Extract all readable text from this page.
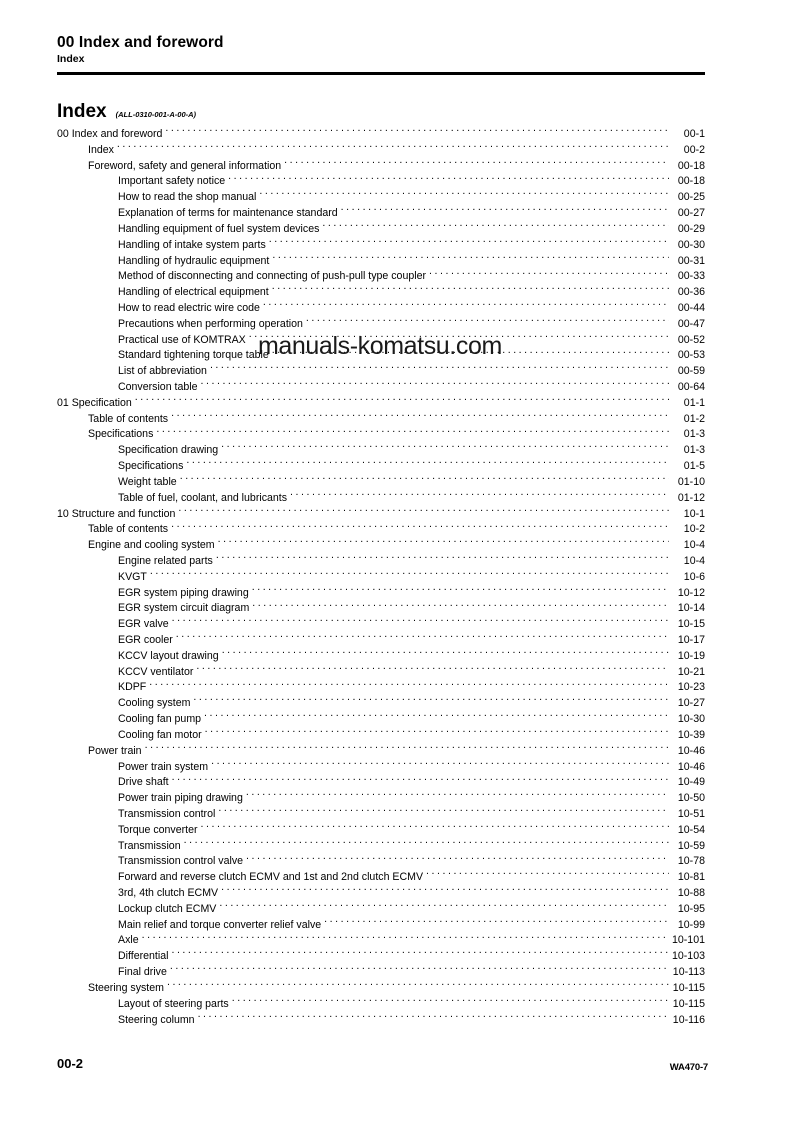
00 Index and foreword
Index
Index (ALL-0310-001-A-00-A)
00 Index and foreword . . .	00-1
Index . . .	00-2
Foreword, safety and general information . . .	00-18
Important safety notice . . .	00-18
How to read the shop manual . . .	00-25
Explanation of terms for maintenance standard . . .	00-27
Handling equipment of fuel system devices . . .	00-29
Handling of intake system parts . . .	00-30
Handling of hydraulic equipment . . .	00-31
Method of disconnecting and connecting of push-pull type coupler . . .	00-33
Handling of electrical equipment . . .	00-36
How to read electric wire code . . .	00-44
Precautions when performing operation . . .	00-47
Practical use of KOMTRAX . . .	00-52
Standard tightening torque table . . .	00-53
List of abbreviation . . .	00-59
Conversion table . . .	00-64
01 Specification . . .	01-1
Table of contents . . .	01-2
Specifications . . .	01-3
Specification drawing . . .	01-3
Specifications . . .	01-5
Weight table . . .	01-10
Table of fuel, coolant, and lubricants . . .	01-12
10 Structure and function . . .	10-1
Table of contents . . .	10-2
Engine and cooling system . . .	10-4
Engine related parts . . .	10-4
KVGT . . .	10-6
EGR system piping drawing . . .	10-12
EGR system circuit diagram . . .	10-14
EGR valve . . .	10-15
EGR cooler . . .	10-17
KCCV layout drawing . . .	10-19
KCCV ventilator . . .	10-21
KDPF . . .	10-23
Cooling system . . .	10-27
Cooling fan pump . . .	10-30
Cooling fan motor . . .	10-39
Power train . . .	10-46
Power train system . . .	10-46
Drive shaft . . .	10-49
Power train piping drawing . . .	10-50
Transmission control . . .	10-51
Torque converter . . .	10-54
Transmission . . .	10-59
Transmission control valve . . .	10-78
Forward and reverse clutch ECMV and 1st and 2nd clutch ECMV . . .	10-81
3rd, 4th clutch ECMV . . .	10-88
Lockup clutch ECMV . . .	10-95
Main relief and torque converter relief valve . . .	10-99
Axle . . .	10-101
Differential . . .	10-103
Final drive . . .	10-113
Steering system . . .	10-115
Layout of steering parts . . .	10-115
Steering column . . .	10-116
manuals-komatsu.com
00-2	WA470-7
